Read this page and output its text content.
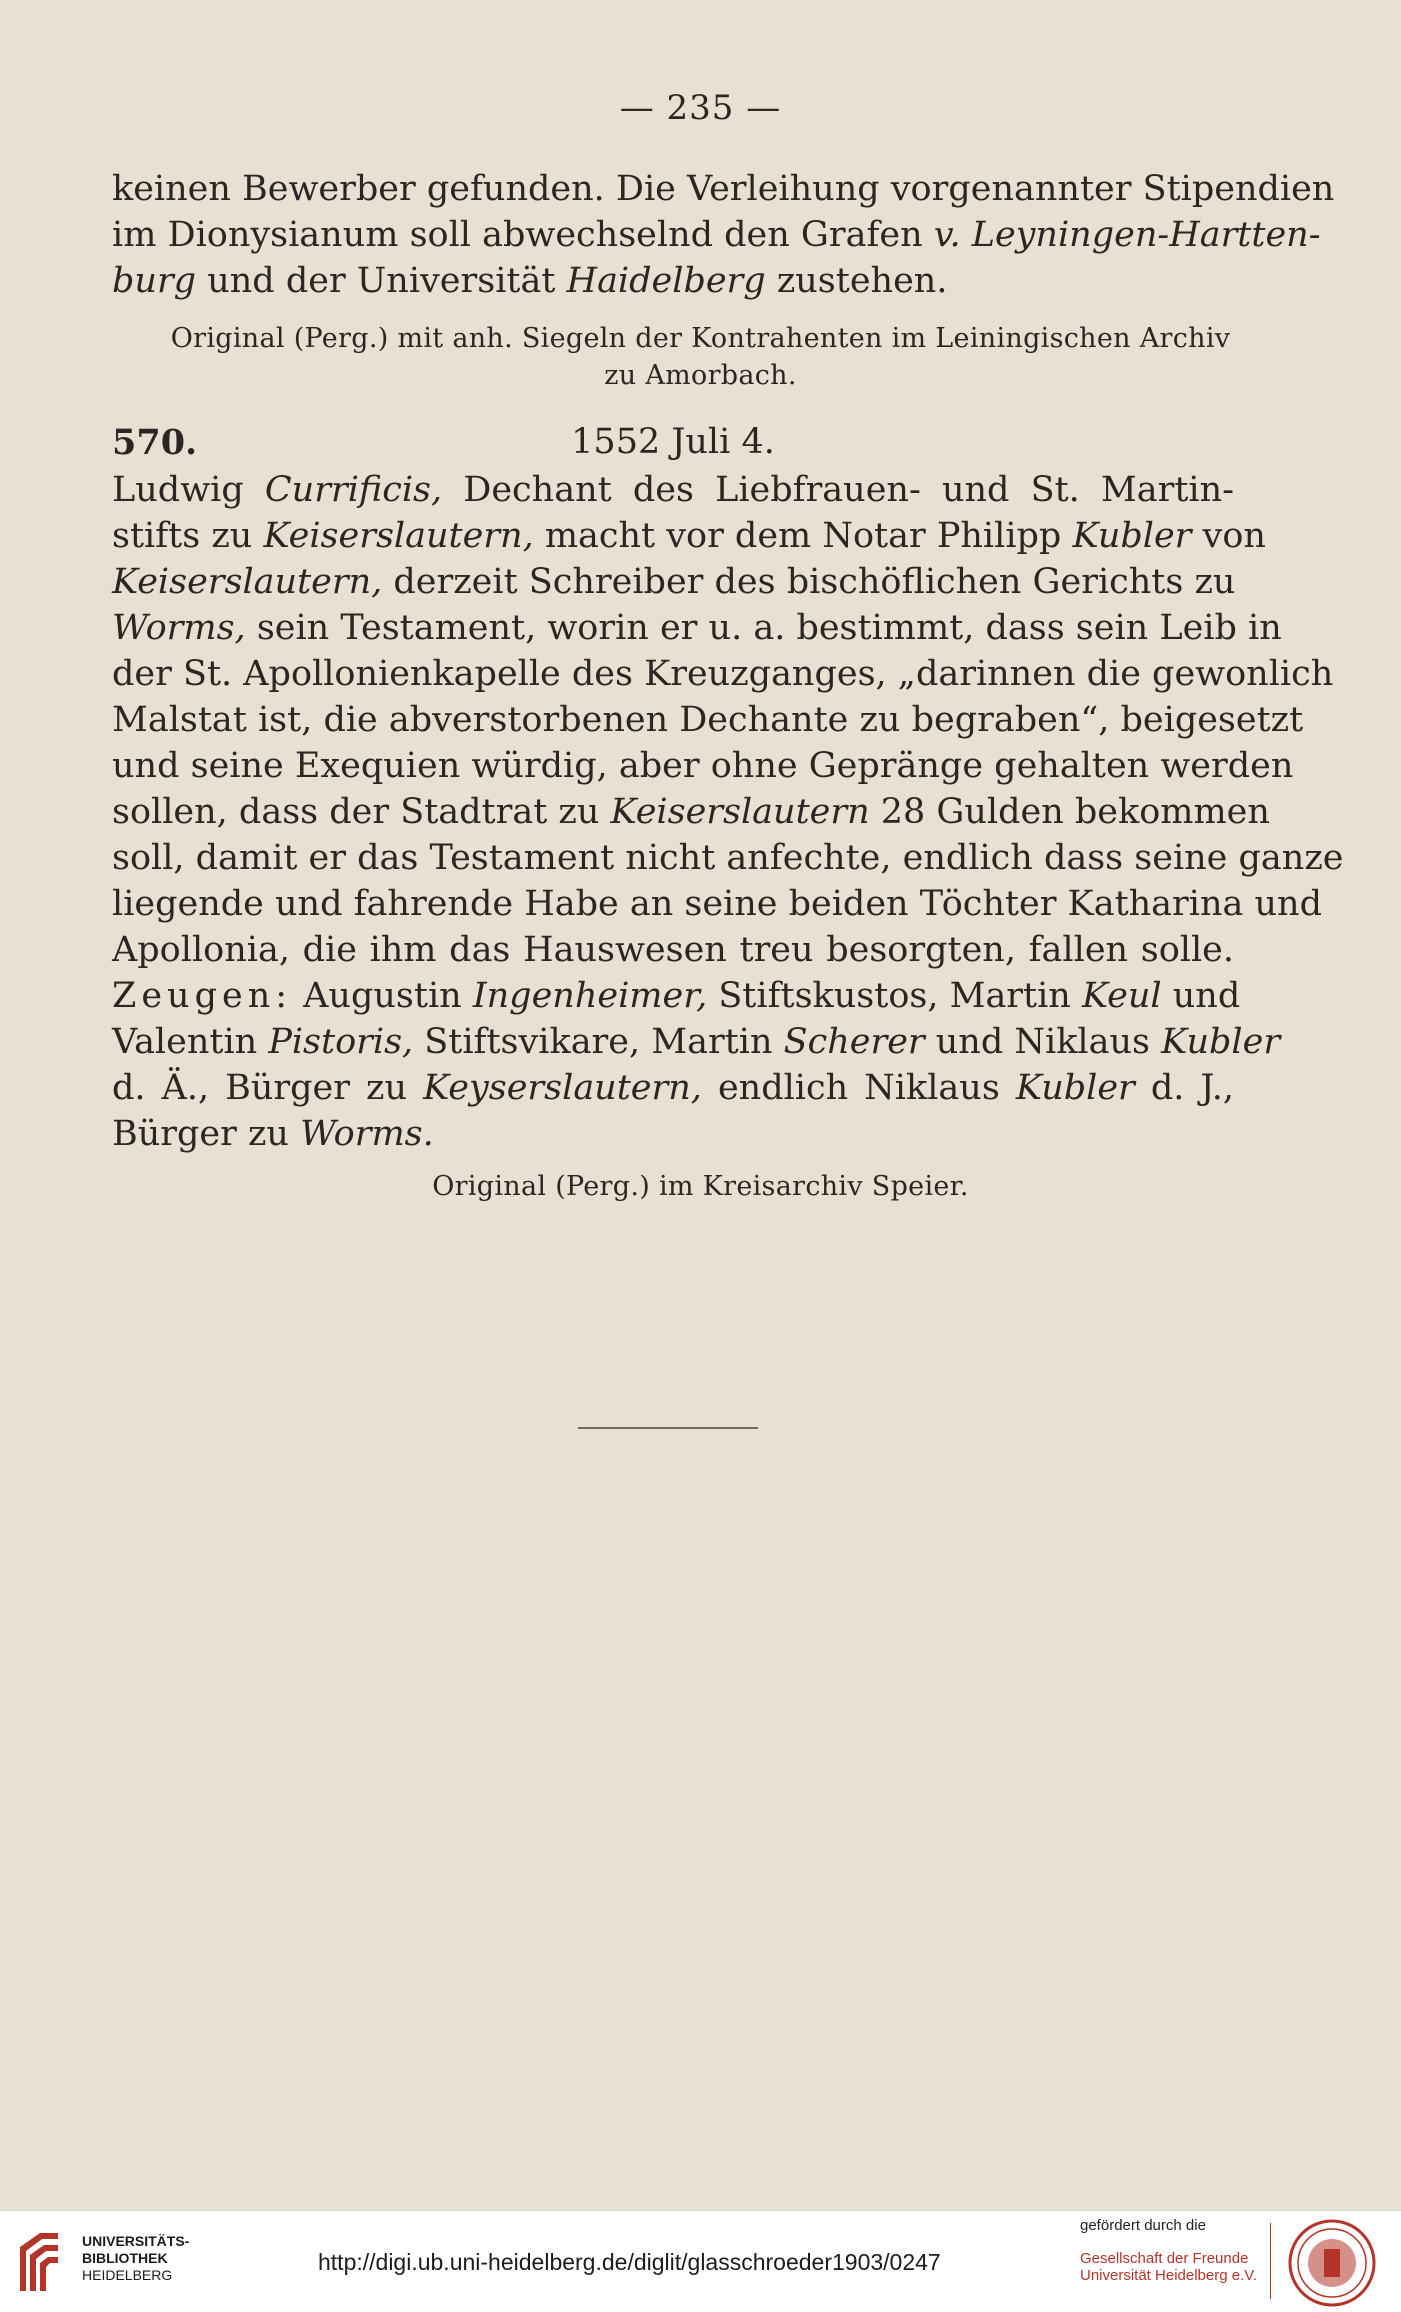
— 235 —
keinen Bewerber gefunden. Die Verleihung vorgenannter Stipendien
im Dionysianum soll abwechselnd den Grafen v. Leyningen-Hartten-
burg und der Universität Haidelberg zustehen.
Original (Perg.) mit anh. Siegeln der Kontrahenten im Leiningischen Archiv
zu Amorbach.
570.	1552 Juli 4.
Ludwig Currificis, Dechant des Liebfrauen- und St. Martin-
stifts zu Keiserslautern, macht vor dem Notar Philipp Kubler von
Keiserslautern, derzeit Schreiber des bischöflichen Gerichts zu
Worms, sein Testament, worin er u. a. bestimmt, dass sein Leib in
der St. Apollonienkapelle des Kreuzganges, „darinnen die gewonlich
Malstat ist, die abverstorbenen Dechante zu begraben“, beigesetzt
und seine Exequien würdig, aber ohne Gepränge gehalten werden
sollen, dass der Stadtrat zu Keiserslautern 28 Gulden bekommen
soll, damit er das Testament nicht anfechte, endlich dass seine ganze
liegende und fahrende Habe an seine beiden Töchter Katharina und
Apollonia, die ihm das Hauswesen treu besorgten, fallen solle.
Zeugen: Augustin Ingenheimer, Stiftskustos, Martin Keul und
Valentin Pistoris, Stiftsvikare, Martin Scherer und Niklaus Kubler
d. Ä., Bürger zu Keyserslautern, endlich Niklaus Kubler d. J.,
Bürger zu Worms.
Original (Perg.) im Kreisarchiv Speier.
UNIVERSITÄTS-
BIBLIOTHEK
HEIDELBERG	http://digi.ub.uni-heidelberg.de/diglit/glasschroeder1903/0247
gefördert durch die
Gesellschaft der Freunde
Universität Heidelberg e.V.
